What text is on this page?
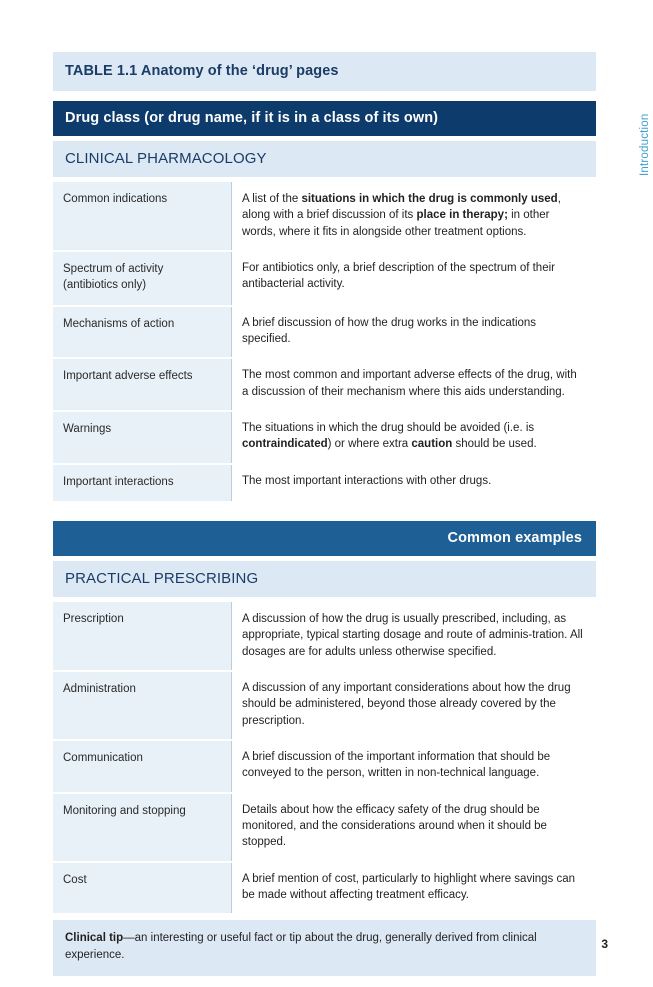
Introduction
TABLE 1.1 Anatomy of the ‘drug’ pages
Drug class (or drug name, if it is in a class of its own)
CLINICAL PHARMACOLOGY
Common indications	A list of the situations in which the drug is commonly used, along with a brief discussion of its place in therapy; in other words, where it fits in alongside other treatment options.
Spectrum of activity (antibiotics only)	For antibiotics only, a brief description of the spectrum of their antibacterial activity.
Mechanisms of action	A brief discussion of how the drug works in the indications specified.
Important adverse effects	The most common and important adverse effects of the drug, with a discussion of their mechanism where this aids understanding.
Warnings	The situations in which the drug should be avoided (i.e. is contraindicated) or where extra caution should be used.
Important interactions	The most important interactions with other drugs.
Common examples
PRACTICAL PRESCRIBING
Prescription	A discussion of how the drug is usually prescribed, including, as appropriate, typical starting dosage and route of adminis-tration. All dosages are for adults unless otherwise specified.
Administration	A discussion of any important considerations about how the drug should be administered, beyond those already covered by the prescription.
Communication	A brief discussion of the important information that should be conveyed to the person, written in non-technical language.
Monitoring and stopping	Details about how the efficacy safety of the drug should be monitored, and the considerations around when it should be stopped.
Cost	A brief mention of cost, particularly to highlight where savings can be made without affecting treatment efficacy.
Clinical tip—an interesting or useful fact or tip about the drug, generally derived from clinical experience.
3
